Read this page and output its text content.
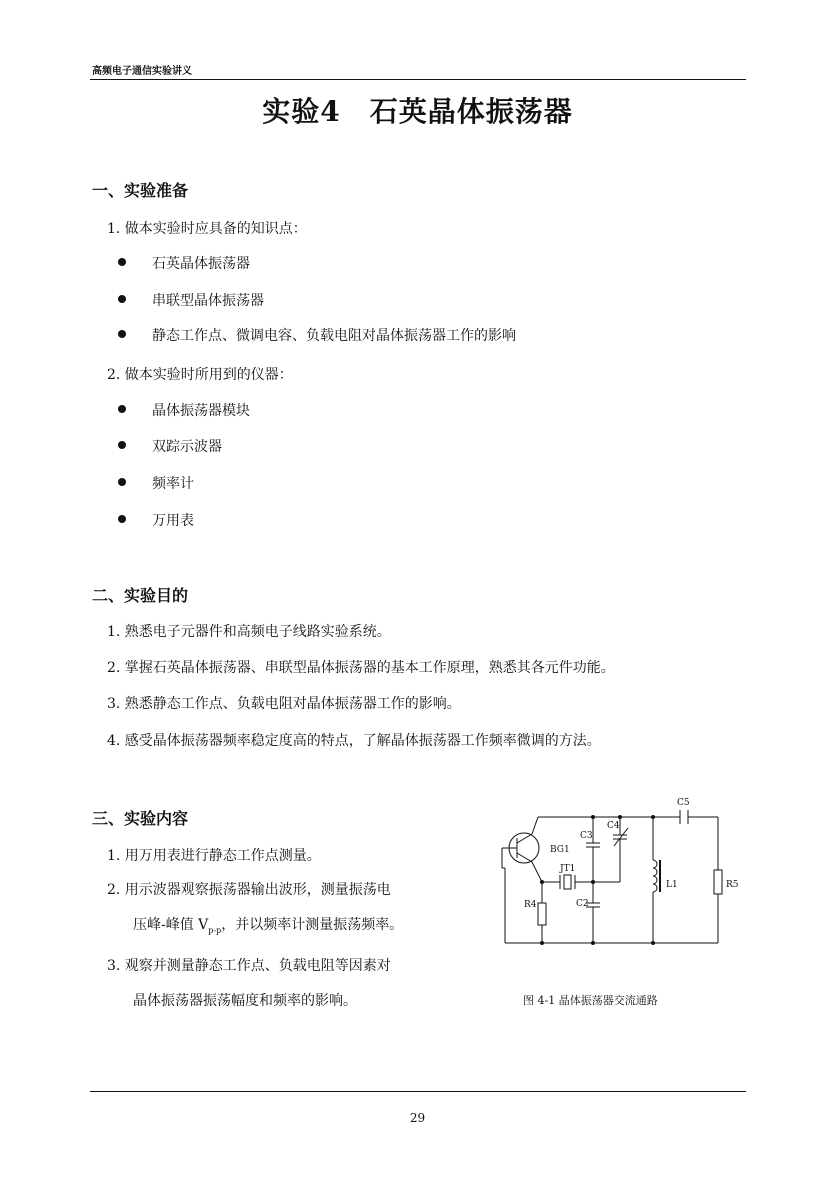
高频电子通信实验讲义
实验4　石英晶体振荡器
一、实验准备
1. 做本实验时应具备的知识点：
石英晶体振荡器
串联型晶体振荡器
静态工作点、微调电容、负载电阻对晶体振荡器工作的影响
2. 做本实验时所用到的仪器：
晶体振荡器模块
双踪示波器
频率计
万用表
二、实验目的
1. 熟悉电子元器件和高频电子线路实验系统。
2. 掌握石英晶体振荡器、串联型晶体振荡器的基本工作原理，熟悉其各元件功能。
3. 熟悉静态工作点、负载电阻对晶体振荡器工作的影响。
4. 感受晶体振荡器频率稳定度高的特点，了解晶体振荡器工作频率微调的方法。
三、实验内容
1. 用万用表进行静态工作点测量。
2. 用示波器观察振荡器输出波形，测量振荡电
压峰-峰值 $V_{p-p}$，并以频率计测量振荡频率。
3. 观察并测量静态工作点、负载电阻等因素对
晶体振荡器振荡幅度和频率的影响。
C5
C3
C4
BG1
JT1
L1	R5
R4	C2
图 4-1 晶体振荡器交流通路
29
